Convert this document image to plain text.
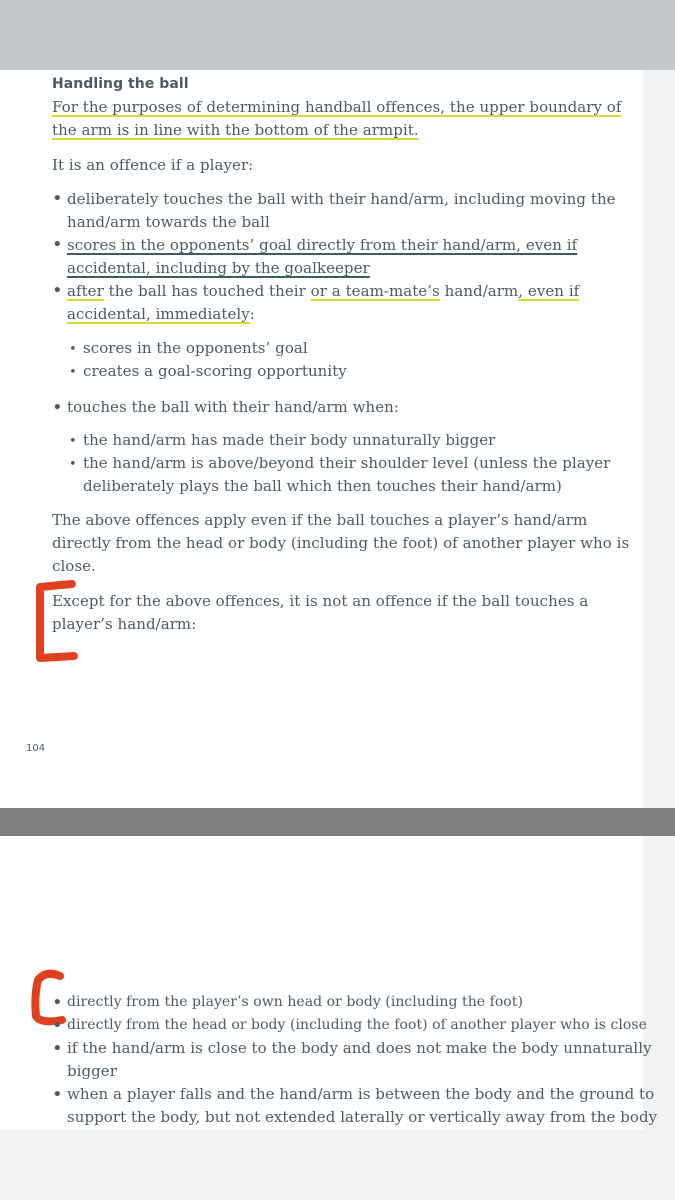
Handling the ball
For the purposes of determining handball offences, the upper boundary of
the arm is in line with the bottom of the armpit.
It is an offence if a player:
• deliberately touches the ball with their hand/arm, including moving the
hand/arm towards the ball
• scores in the opponents’ goal directly from their hand/arm, even if
accidental, including by the goalkeeper
• after the ball has touched their or a team-mate’s hand/arm, even if
accidental, immediately:
• scores in the opponents’ goal
• creates a goal-scoring opportunity
• touches the ball with their hand/arm when:
• the hand/arm has made their body unnaturally bigger
• the hand/arm is above/beyond their shoulder level (unless the player
deliberately plays the ball which then touches their hand/arm)
The above offences apply even if the ball touches a player’s hand/arm
directly from the head or body (including the foot) of another player who is
close.
Except for the above offences, it is not an offence if the ball touches a
player’s hand/arm:
104
• directly from the player’s own head or body (including the foot)
• directly from the head or body (including the foot) of another player who is close
• if the hand/arm is close to the body and does not make the body unnaturally
bigger
• when a player falls and the hand/arm is between the body and the ground to
support the body, but not extended laterally or vertically away from the body
